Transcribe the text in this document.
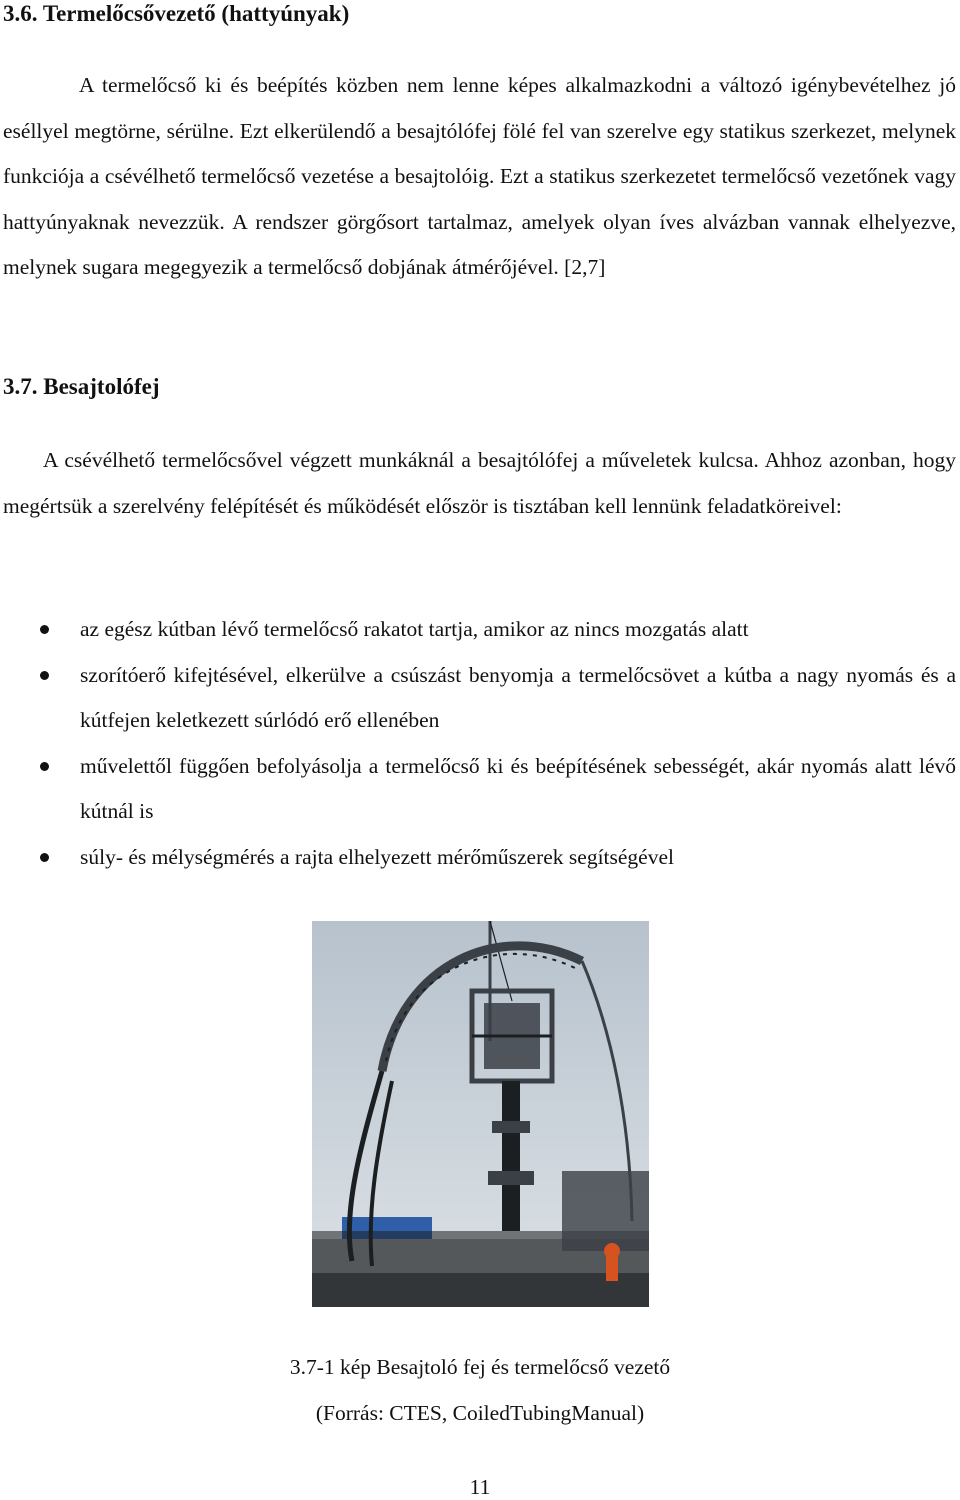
3.6. Termelőcsővezető (hattyúnyak)
A termelőcső ki és beépítés közben nem lenne képes alkalmazkodni a változó igénybevételhez jó eséllyel megtörne, sérülne. Ezt elkerülendő a besajtólófej fölé fel van szerelve egy statikus szerkezet, melynek funkciója a csévélhető termelőcső vezetése a besajtolóig. Ezt a statikus szerkezetet termelőcső vezetőnek vagy hattyúnyaknak nevezzük. A rendszer görgősort tartalmaz, amelyek olyan íves alvázban vannak elhelyezve, melynek sugara megegyezik a termelőcső dobjának átmérőjével. [2,7]
3.7. Besajtolófej
A csévélhető termelőcsővel végzett munkáknál a besajtólófej a műveletek kulcsa. Ahhoz azonban, hogy megértsük a szerelvény felépítését és működését először is tisztában kell lennünk feladatköreivel:
az egész kútban lévő termelőcső rakatot tartja, amikor az nincs mozgatás alatt
szorítóerő kifejtésével, elkerülve a csúszást benyomja a termelőcsövet a kútba a nagy nyomás és a kútfejen keletkezett súrlódó erő ellenében
művelettől függően befolyásolja a termelőcső ki és beépítésének sebességét, akár nyomás alatt lévő kútnál is
súly- és mélységmérés a rajta elhelyezett mérőműszerek segítségével
3.7-1 kép Besajtoló fej és termelőcső vezető
(Forrás: CTES, CoiledTubingManual)
11
